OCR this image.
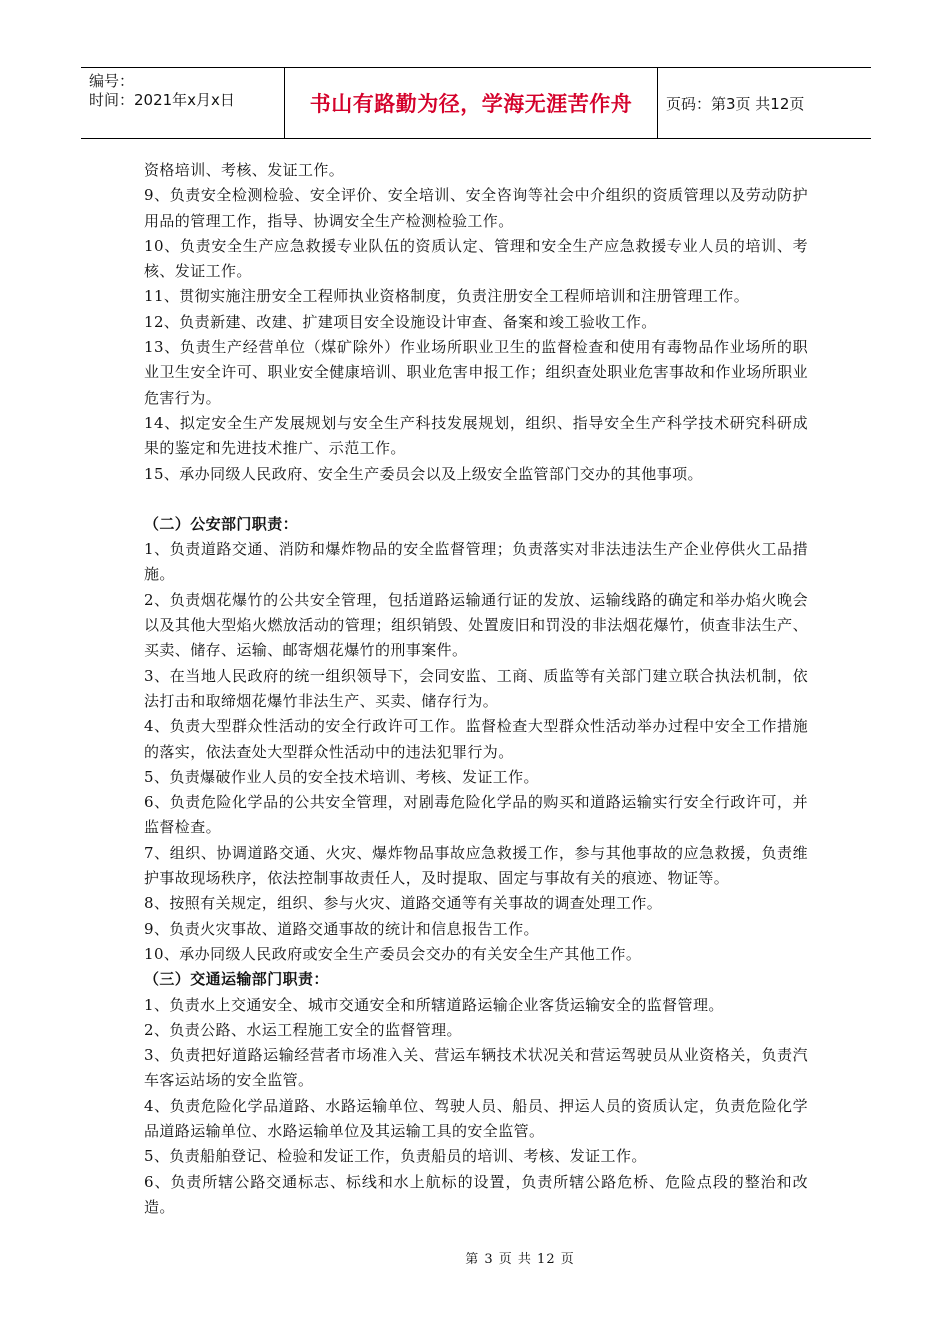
编号：
时间：2021年x月x日	书山有路勤为径，学海无涯苦作舟	页码：第3页 共12页

资格培训、考核、发证工作。

9、负责安全检测检验、安全评价、安全培训、安全咨询等社会中介组织的资质管理以及劳动防护用品的管理工作，指导、协调安全生产检测检验工作。

10、负责安全生产应急救援专业队伍的资质认定、管理和安全生产应急救援专业人员的培训、考核、发证工作。

11、贯彻实施注册安全工程师执业资格制度，负责注册安全工程师培训和注册管理工作。

12、负责新建、改建、扩建项目安全设施设计审查、备案和竣工验收工作。

13、负责生产经营单位（煤矿除外）作业场所职业卫生的监督检查和使用有毒物品作业场所的职业卫生安全许可、职业安全健康培训、职业危害申报工作；组织查处职业危害事故和作业场所职业危害行为。

14、拟定安全生产发展规划与安全生产科技发展规划，组织、指导安全生产科学技术研究科研成果的鉴定和先进技术推广、示范工作。

15、承办同级人民政府、安全生产委员会以及上级安全监管部门交办的其他事项。

（二）公安部门职责：

1、负责道路交通、消防和爆炸物品的安全监督管理；负责落实对非法违法生产企业停供火工品措施。

2、负责烟花爆竹的公共安全管理，包括道路运输通行证的发放、运输线路的确定和举办焰火晚会以及其他大型焰火燃放活动的管理；组织销毁、处置废旧和罚没的非法烟花爆竹，侦查非法生产、买卖、储存、运输、邮寄烟花爆竹的刑事案件。

3、在当地人民政府的统一组织领导下，会同安监、工商、质监等有关部门建立联合执法机制，依法打击和取缔烟花爆竹非法生产、买卖、储存行为。

4、负责大型群众性活动的安全行政许可工作。监督检查大型群众性活动举办过程中安全工作措施的落实，依法查处大型群众性活动中的违法犯罪行为。

5、负责爆破作业人员的安全技术培训、考核、发证工作。

6、负责危险化学品的公共安全管理，对剧毒危险化学品的购买和道路运输实行安全行政许可，并监督检查。

7、组织、协调道路交通、火灾、爆炸物品事故应急救援工作，参与其他事故的应急救援，负责维护事故现场秩序，依法控制事故责任人，及时提取、固定与事故有关的痕迹、物证等。

8、按照有关规定，组织、参与火灾、道路交通等有关事故的调查处理工作。

9、负责火灾事故、道路交通事故的统计和信息报告工作。

10、承办同级人民政府或安全生产委员会交办的有关安全生产其他工作。

（三）交通运输部门职责：

1、负责水上交通安全、城市交通安全和所辖道路运输企业客货运输安全的监督管理。

2、负责公路、水运工程施工安全的监督管理。

3、负责把好道路运输经营者市场准入关、营运车辆技术状况关和营运驾驶员从业资格关，负责汽车客运站场的安全监管。

4、负责危险化学品道路、水路运输单位、驾驶人员、船员、押运人员的资质认定，负责危险化学品道路运输单位、水路运输单位及其运输工具的安全监管。

5、负责船舶登记、检验和发证工作，负责船员的培训、考核、发证工作。

6、负责所辖公路交通标志、标线和水上航标的设置，负责所辖公路危桥、危险点段的整治和改造。

第 3 页 共 12 页
